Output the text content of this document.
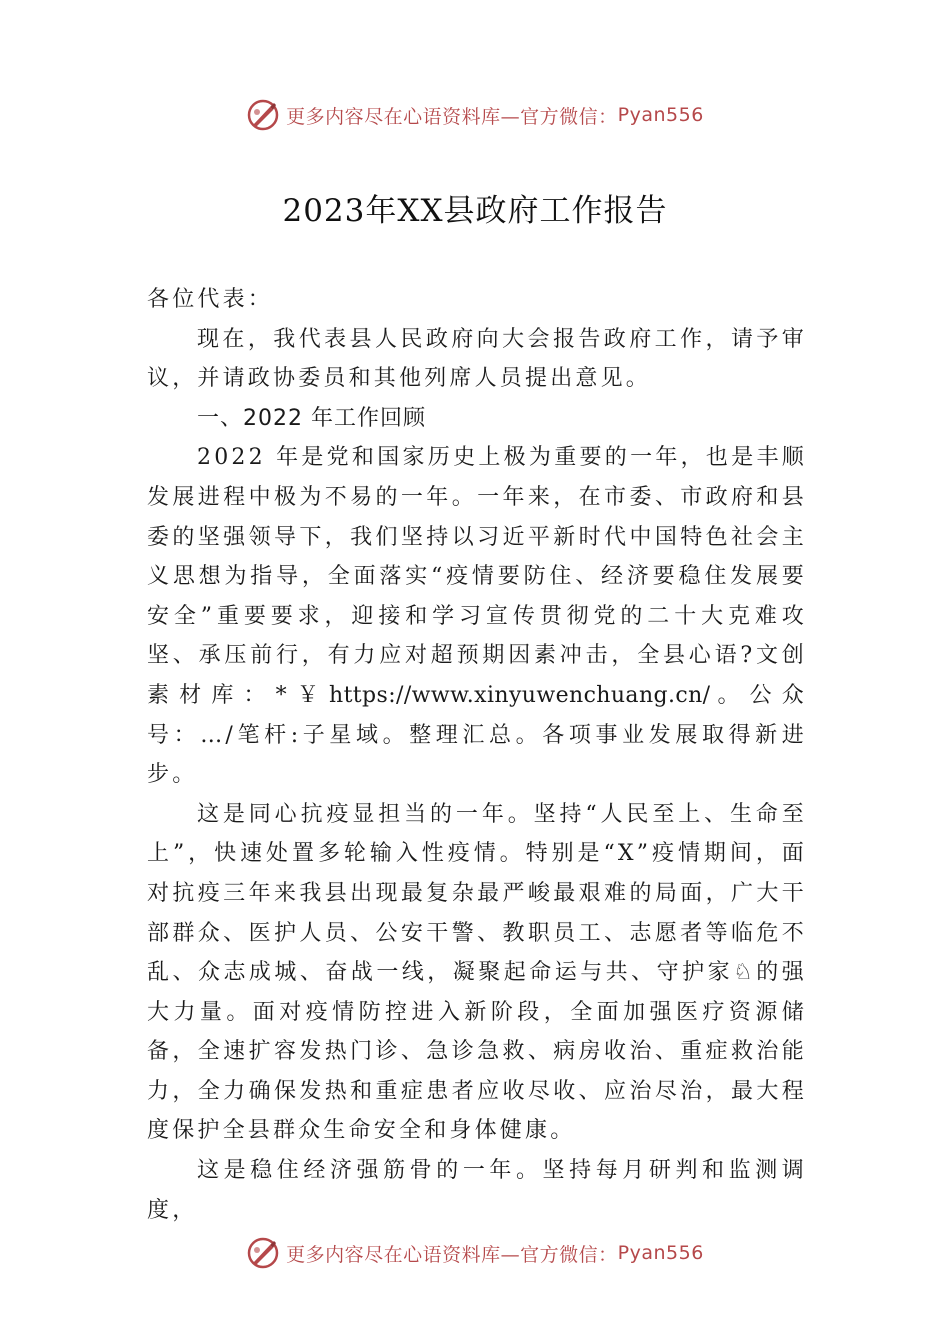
更多内容尽在心语资料库—官方微信： Pyan556
2023年XX县政府工作报告

各位代表：

现在，我代表县人民政府向大会报告政府工作，请予审议，并请政协委员和其他列席人员提出意见。

一、2022 年工作回顾

2022 年是党和国家历史上极为重要的一年，也是丰顺发展进程中极为不易的一年。一年来，在市委、市政府和县委的坚强领导下，我们坚持以习近平新时代中国特色社会主义思想为指导，全面落实“疫情要防住、经济要稳住发展要安全”重要要求，迎接和学习宣传贯彻党的二十大克难攻坚、承压前行，有力应对超预期因素冲击，全县心语?文创素材库：*￥https://www.xinyuwenchuang.cn/。公众号：…/笔杆:子星域。整理汇总。各项事业发展取得新进步。

这是同心抗疫显担当的一年。坚持“人民至上、生命至上”，快速处置多轮输入性疫情。特别是“X”疫情期间，面对抗疫三年来我县出现最复杂最严峻最艰难的局面，广大干部群众、医护人员、公安干警、教职员工、志愿者等临危不乱、众志成城、奋战一线，凝聚起命运与共、守护家♘的强大力量。面对疫情防控进入新阶段，全面加强医疗资源储备，全速扩容发热门诊、急诊急救、病房收治、重症救治能力，全力确保发热和重症患者应收尽收、应治尽治，最大程度保护全县群众生命安全和身体健康。

这是稳住经济强筋骨的一年。坚持每月研判和监测调度，

更多内容尽在心语资料库—官方微信： Pyan556
